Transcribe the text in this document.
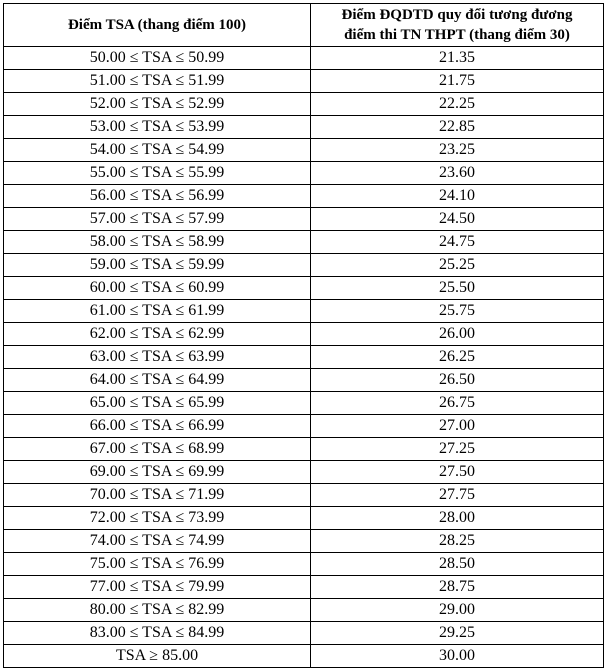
Điểm TSA (thang điểm 100)	Điểm ĐQDTD quy đổi tương đương
điểm thi TN THPT (thang điểm 30)

50.00 ≤ TSA ≤ 50.99	21.35
51.00 ≤ TSA ≤ 51.99	21.75
52.00 ≤ TSA ≤ 52.99	22.25
53.00 ≤ TSA ≤ 53.99	22.85
54.00 ≤ TSA ≤ 54.99	23.25
55.00 ≤ TSA ≤ 55.99	23.60
56.00 ≤ TSA ≤ 56.99	24.10
57.00 ≤ TSA ≤ 57.99	24.50
58.00 ≤ TSA ≤ 58.99	24.75
59.00 ≤ TSA ≤ 59.99	25.25
60.00 ≤ TSA ≤ 60.99	25.50
61.00 ≤ TSA ≤ 61.99	25.75
62.00 ≤ TSA ≤ 62.99	26.00
63.00 ≤ TSA ≤ 63.99	26.25
64.00 ≤ TSA ≤ 64.99	26.50
65.00 ≤ TSA ≤ 65.99	26.75
66.00 ≤ TSA ≤ 66.99	27.00
67.00 ≤ TSA ≤ 68.99	27.25
69.00 ≤ TSA ≤ 69.99	27.50
70.00 ≤ TSA ≤ 71.99	27.75
72.00 ≤ TSA ≤ 73.99	28.00
74.00 ≤ TSA ≤ 74.99	28.25
75.00 ≤ TSA ≤ 76.99	28.50
77.00 ≤ TSA ≤ 79.99	28.75
80.00 ≤ TSA ≤ 82.99	29.00
83.00 ≤ TSA ≤ 84.99	29.25
TSA ≥ 85.00	30.00
